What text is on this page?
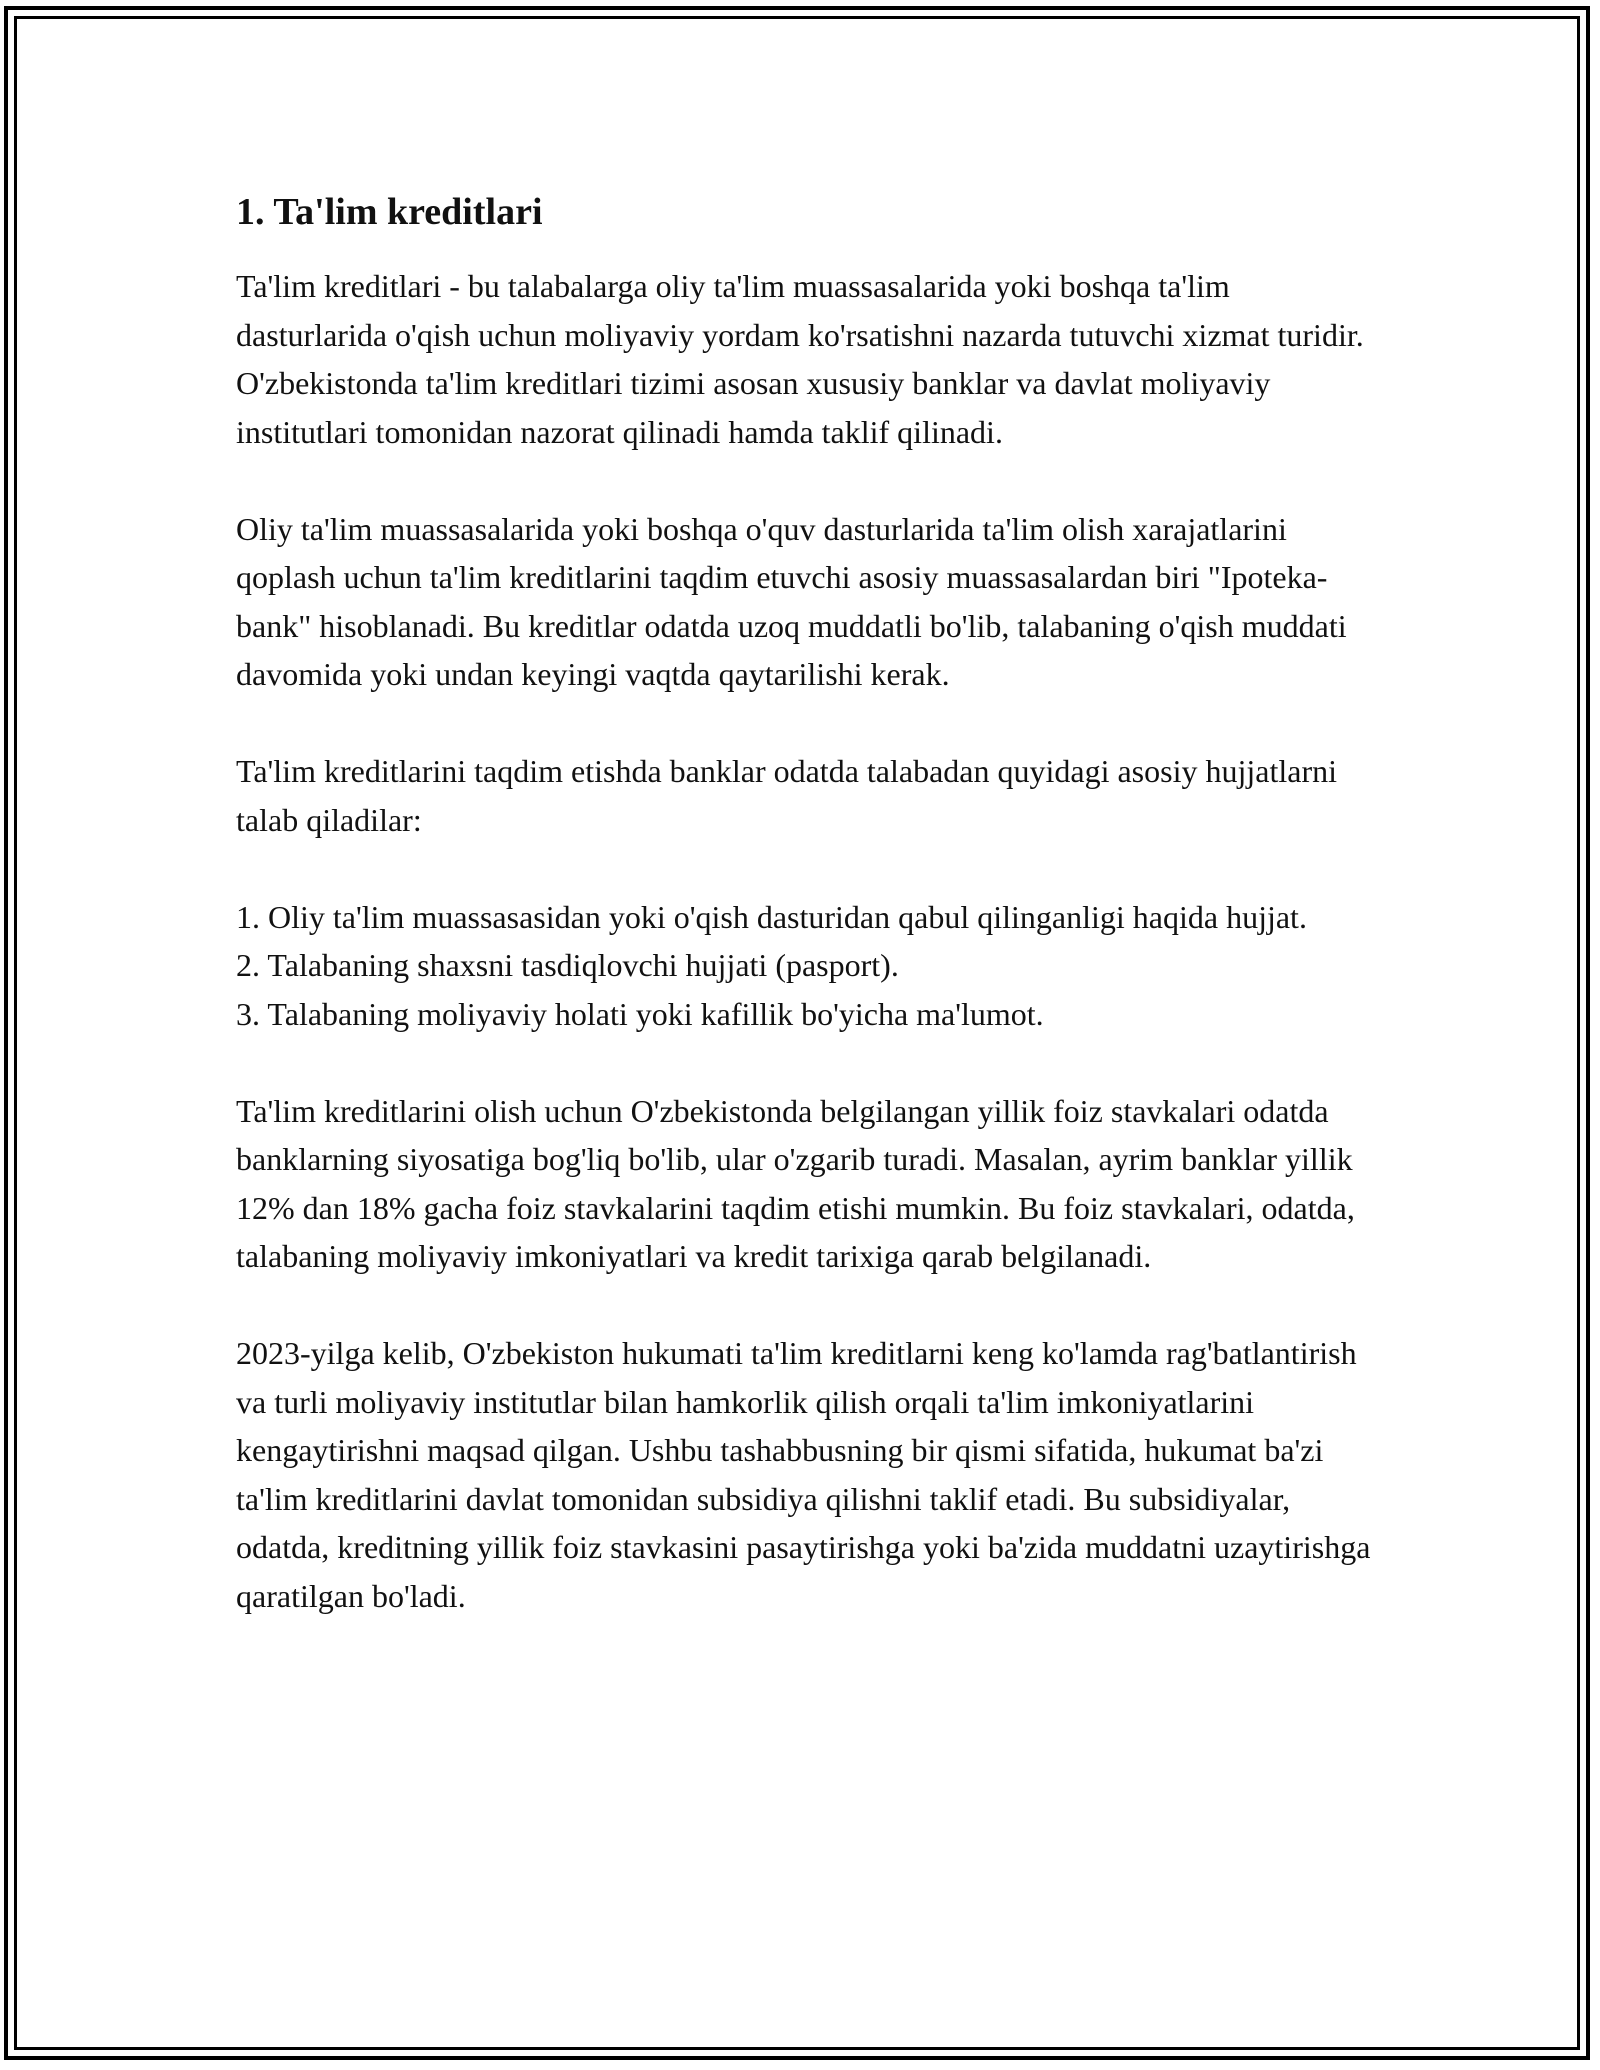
1. Ta'lim kreditlari

Ta'lim kreditlari - bu talabalarga oliy ta'lim muassasalarida yoki boshqa ta'lim dasturlarida o'qish uchun moliyaviy yordam ko'rsatishni nazarda tutuvchi xizmat turidir. O'zbekistonda ta'lim kreditlari tizimi asosan xususiy banklar va davlat moliyaviy institutlari tomonidan nazorat qilinadi hamda taklif qilinadi.

Oliy ta'lim muassasalarida yoki boshqa o'quv dasturlarida ta'lim olish xarajatlarini qoplash uchun ta'lim kreditlarini taqdim etuvchi asosiy muassasalardan biri "Ipoteka-bank" hisoblanadi. Bu kreditlar odatda uzoq muddatli bo'lib, talabaning o'qish muddati davomida yoki undan keyingi vaqtda qaytarilishi kerak.

Ta'lim kreditlarini taqdim etishda banklar odatda talabadan quyidagi asosiy hujjatlarni talab qiladilar:

1. Oliy ta'lim muassasasidan yoki o'qish dasturidan qabul qilinganligi haqida hujjat.
2. Talabaning shaxsni tasdiqlovchi hujjati (pasport).
3. Talabaning moliyaviy holati yoki kafillik bo'yicha ma'lumot.

Ta'lim kreditlarini olish uchun O'zbekistonda belgilangan yillik foiz stavkalari odatda banklarning siyosatiga bog'liq bo'lib, ular o'zgarib turadi. Masalan, ayrim banklar yillik 12% dan 18% gacha foiz stavkalarini taqdim etishi mumkin. Bu foiz stavkalari, odatda, talabaning moliyaviy imkoniyatlari va kredit tarixiga qarab belgilanadi.

2023-yilga kelib, O'zbekiston hukumati ta'lim kreditlarni keng ko'lamda rag'batlantirish va turli moliyaviy institutlar bilan hamkorlik qilish orqali ta'lim imkoniyatlarini kengaytirishni maqsad qilgan. Ushbu tashabbusning bir qismi sifatida, hukumat ba'zi ta'lim kreditlarini davlat tomonidan subsidiya qilishni taklif etadi. Bu subsidiyalar, odatda, kreditning yillik foiz stavkasini pasaytirishga yoki ba'zida muddatni uzaytirishga qaratilgan bo'ladi.
